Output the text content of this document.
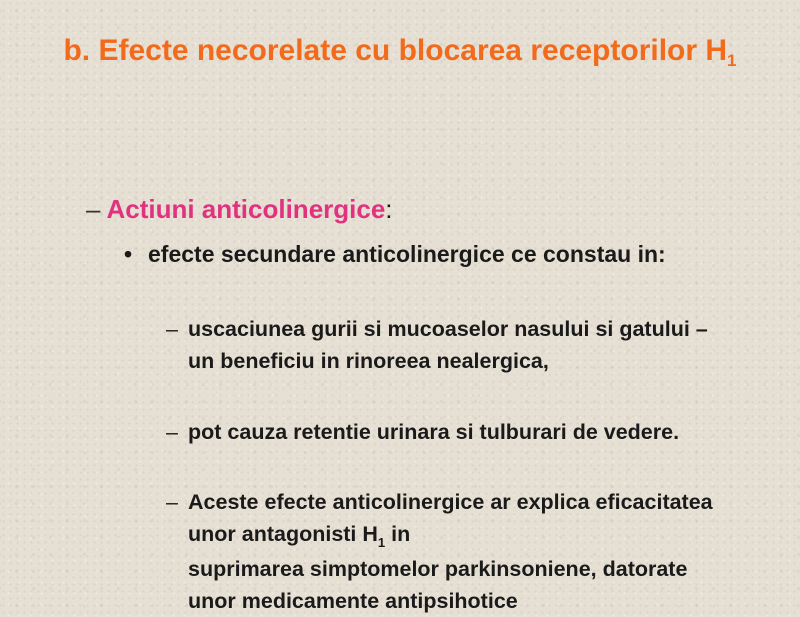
b. Efecte necorelate cu blocarea receptorilor $H_1$
– Actiuni anticolinergice:
• efecte secundare anticolinergice ce constau in:
– uscaciunea gurii si mucoaselor nasului si gatului – un beneficiu in rinoreea nealergica,
– pot cauza retentie urinara si tulburari de vedere.
– Aceste efecte anticolinergice ar explica eficacitatea unor antagonisti $H_1$ in
suprimarea simptomelor parkinsoniene, datorate unor medicamente antipsihotice
